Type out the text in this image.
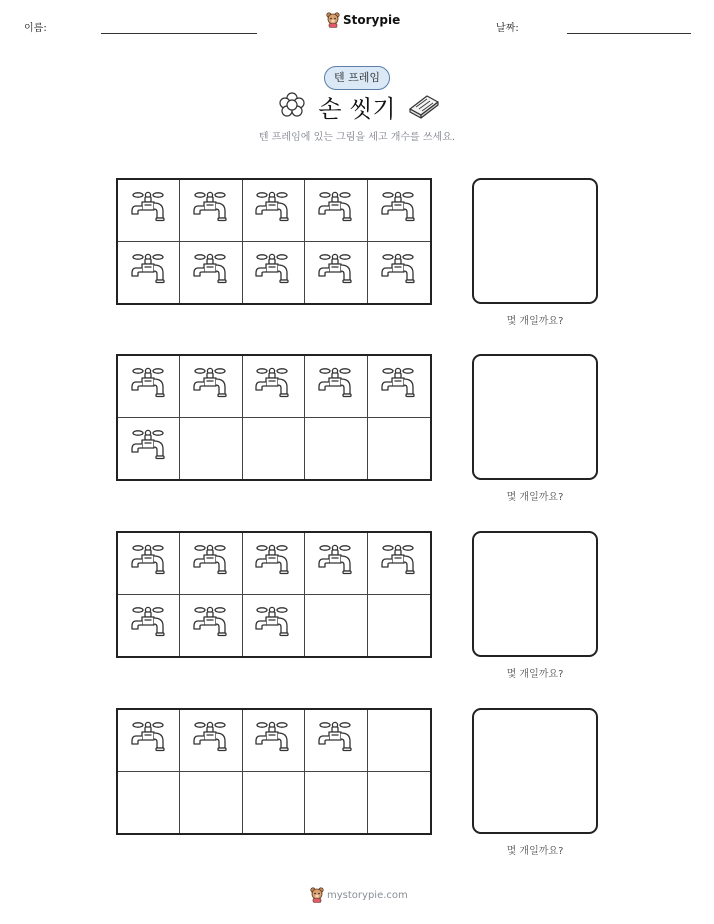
이름:
Storypie
날짜:
텐 프레임
손 씻기
텐 프레임에 있는 그림을 세고 개수를 쓰세요.
몇 개일까요?
몇 개일까요?
몇 개일까요?
몇 개일까요?
mystorypie.com
